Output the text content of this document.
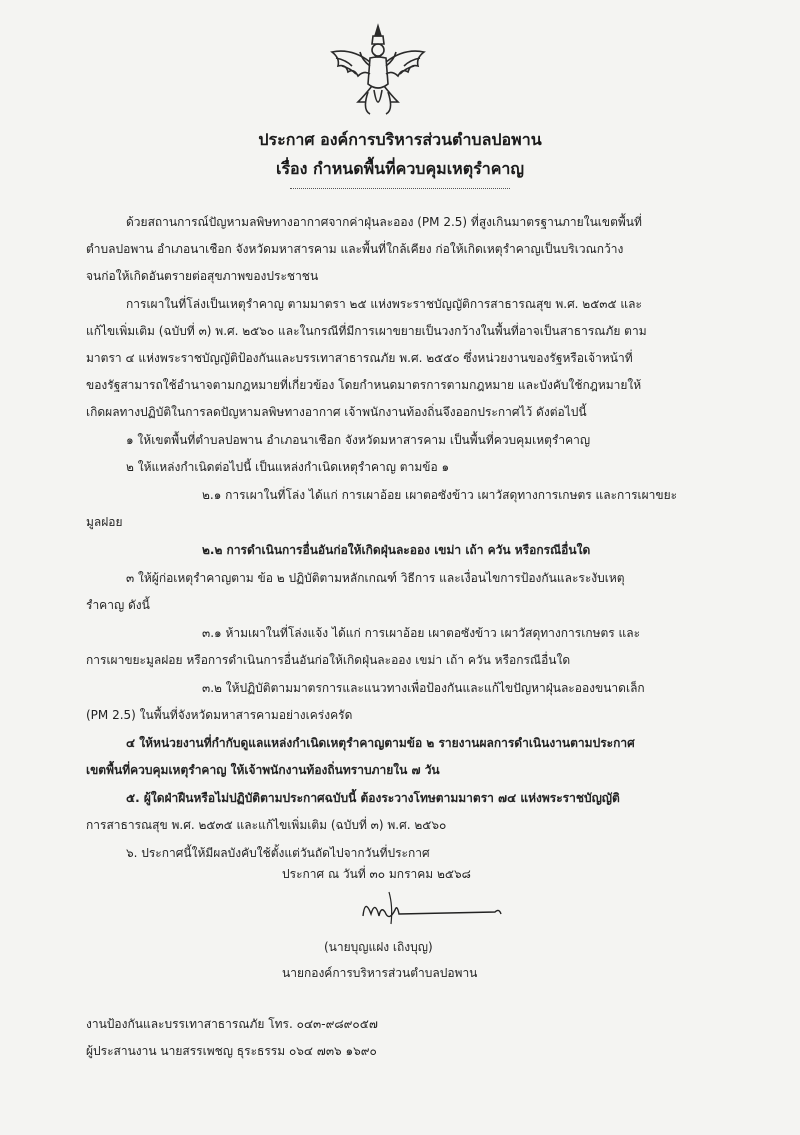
ประกาศ องค์การบริหารส่วนตำบลปอพาน
เรื่อง กำหนดพื้นที่ควบคุมเหตุรำคาญ
ด้วยสถานการณ์ปัญหามลพิษทางอากาศจากค่าฝุ่นละออง (PM 2.5) ที่สูงเกินมาตรฐานภายในเขตพื้นที่
ตำบลปอพาน อำเภอนาเชือก จังหวัดมหาสารคาม และพื้นที่ใกล้เคียง ก่อให้เกิดเหตุรำคาญเป็นบริเวณกว้าง
จนก่อให้เกิดอันตรายต่อสุขภาพของประชาชน
การเผาในที่โล่งเป็นเหตุรำคาญ ตามมาตรา ๒๕ แห่งพระราชบัญญัติการสาธารณสุข พ.ศ. ๒๕๓๕ และ
แก้ไขเพิ่มเติม (ฉบับที่ ๓) พ.ศ. ๒๕๖๐ และในกรณีที่มีการเผาขยายเป็นวงกว้างในพื้นที่อาจเป็นสาธารณภัย ตาม
มาตรา ๔ แห่งพระราชบัญญัติป้องกันและบรรเทาสาธารณภัย พ.ศ. ๒๕๕๐ ซึ่งหน่วยงานของรัฐหรือเจ้าหน้าที่
ของรัฐสามารถใช้อำนาจตามกฎหมายที่เกี่ยวข้อง โดยกำหนดมาตรการตามกฎหมาย และบังคับใช้กฎหมายให้
เกิดผลทางปฏิบัติในการลดปัญหามลพิษทางอากาศ เจ้าพนักงานท้องถิ่นจึงออกประกาศไว้ ดังต่อไปนี้
๑ ให้เขตพื้นที่ตำบลปอพาน อำเภอนาเชือก จังหวัดมหาสารคาม เป็นพื้นที่ควบคุมเหตุรำคาญ
๒ ให้แหล่งกำเนิดต่อไปนี้ เป็นแหล่งกำเนิดเหตุรำคาญ ตามข้อ ๑
๒.๑ การเผาในที่โล่ง ได้แก่ การเผาอ้อย เผาตอซังข้าว เผาวัสดุทางการเกษตร และการเผาขยะ
มูลฝอย
๒.๒ การดำเนินการอื่นอันก่อให้เกิดฝุ่นละออง เขม่า เถ้า ควัน หรือกรณีอื่นใด
๓ ให้ผู้ก่อเหตุรำคาญตาม ข้อ ๒ ปฏิบัติตามหลักเกณฑ์ วิธีการ และเงื่อนไขการป้องกันและระงับเหตุ
รำคาญ ดังนี้
๓.๑ ห้ามเผาในที่โล่งแจ้ง ได้แก่ การเผาอ้อย เผาตอซังข้าว เผาวัสดุทางการเกษตร และ
การเผาขยะมูลฝอย หรือการดำเนินการอื่นอันก่อให้เกิดฝุ่นละออง เขม่า เถ้า ควัน หรือกรณีอื่นใด
๓.๒ ให้ปฏิบัติตามมาตรการและแนวทางเพื่อป้องกันและแก้ไขปัญหาฝุ่นละอองขนาดเล็ก
(PM 2.5) ในพื้นที่จังหวัดมหาสารคามอย่างเคร่งครัด
๔ ให้หน่วยงานที่กำกับดูแลแหล่งกำเนิดเหตุรำคาญตามข้อ ๒ รายงานผลการดำเนินงานตามประกาศ
เขตพื้นที่ควบคุมเหตุรำคาญ ให้เจ้าพนักงานท้องถิ่นทราบภายใน ๗ วัน
๕. ผู้ใดฝ่าฝืนหรือไม่ปฏิบัติตามประกาศฉบับนี้ ต้องระวางโทษตามมาตรา ๗๔ แห่งพระราชบัญญัติ
การสาธารณสุข พ.ศ. ๒๕๓๕ และแก้ไขเพิ่มเติม (ฉบับที่ ๓) พ.ศ. ๒๕๖๐
๖. ประกาศนี้ให้มีผลบังคับใช้ตั้งแต่วันถัดไปจากวันที่ประกาศ
ประกาศ ณ วันที่ ๓๐ มกราคม ๒๕๖๘
(นายบุญแฝง เถิงบุญ)
นายกองค์การบริหารส่วนตำบลปอพาน
งานป้องกันและบรรเทาสาธารณภัย โทร. ๐๔๓-๙๘๙๐๕๗
ผู้ประสานงาน นายสรรเพชญ ธุระธรรม ๐๖๔ ๗๓๖ ๑๖๙๐
